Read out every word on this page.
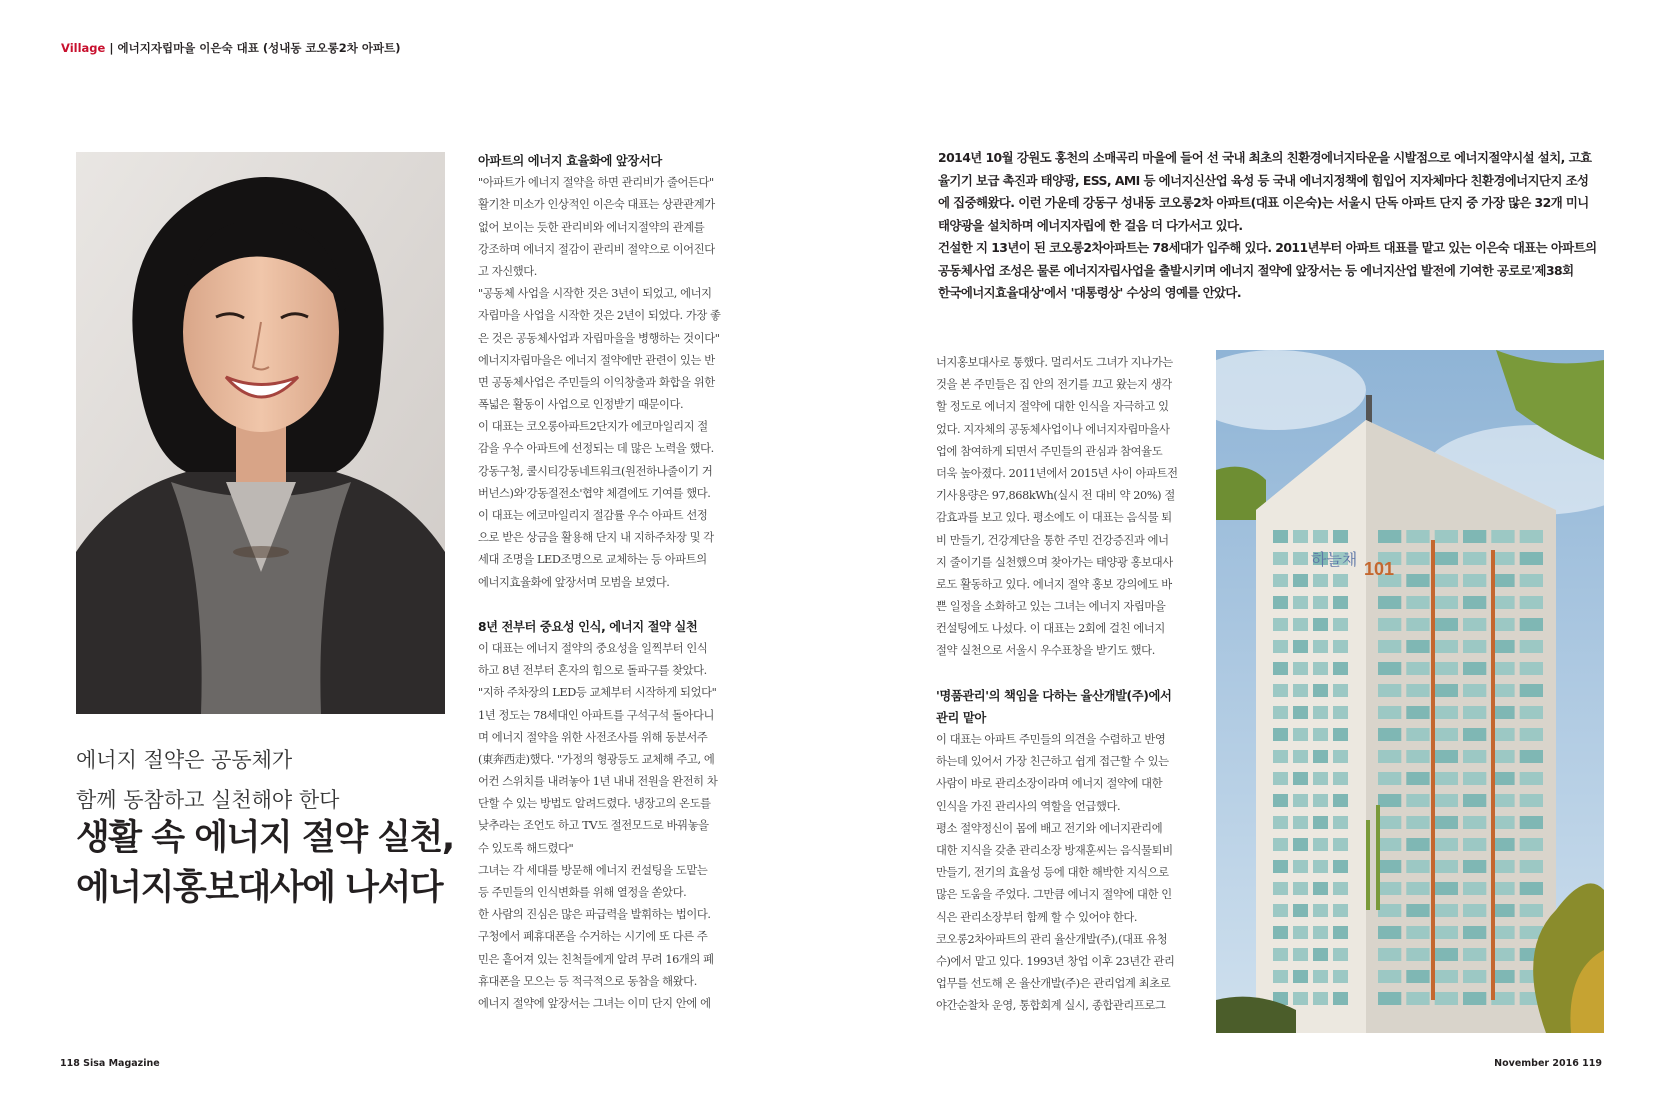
Village | 에너지자립마을 이은숙 대표 (성내동 코오롱2차 아파트)
에너지 절약은 공동체가
함께 동참하고 실천해야 한다
생활 속 에너지 절약 실천,
에너지홍보대사에 나서다
아파트의 에너지 효율화에 앞장서다

"아파트가 에너지 절약을 하면 관리비가 줄어든다"

활기찬 미소가 인상적인 이은숙 대표는 상관관계가

없어 보이는 듯한 관리비와 에너지절약의 관계를

강조하며 에너지 절감이 관리비 절약으로 이어진다

고 자신했다.

"공동체 사업을 시작한 것은 3년이 되었고, 에너지

자립마을 사업을 시작한 것은 2년이 되었다. 가장 좋

은 것은 공동체사업과 자립마을을 병행하는 것이다"

에너지자립마을은 에너지 절약에만 관련이 있는 반

면 공동체사업은 주민들의 이익창출과 화합을 위한

폭넓은 활동이 사업으로 인정받기 때문이다.

이 대표는 코오롱아파트2단지가 에코마일리지 절

감을 우수 아파트에 선정되는 데 많은 노력을 했다.

강동구청, 쿨시티강동네트워크(원전하나줄이기 거

버넌스)와'강동절전소'협약 체결에도 기여를 했다.

이 대표는 에코마일리지 절감률 우수 아파트 선정

으로 받은 상금을 활용해 단지 내 지하주차장 및 각

세대 조명을 LED조명으로 교체하는 등 아파트의

에너지효율화에 앞장서며 모범을 보였다.

8년 전부터 중요성 인식, 에너지 절약 실천

이 대표는 에너지 절약의 중요성을 일찍부터 인식

하고 8년 전부터 혼자의 힘으로 돌파구를 찾았다.

"지하 주차장의 LED등 교체부터 시작하게 되었다"

1년 정도는 78세대인 아파트를 구석구석 돌아다니

며 에너지 절약을 위한 사전조사를 위해 동분서주

(東奔西走)했다. "가정의 형광등도 교체해 주고, 에

어컨 스위치를 내려놓아 1년 내내 전원을 완전히 차

단할 수 있는 방법도 알려드렸다. 냉장고의 온도를

낮추라는 조언도 하고 TV도 절전모드로 바꿔놓을

수 있도록 해드렸다"

그녀는 각 세대를 방문해 에너지 컨설팅을 도맡는

등 주민들의 인식변화를 위해 열정을 쏟았다.

한 사람의 진심은 많은 파급력을 발휘하는 법이다.

구청에서 폐휴대폰을 수거하는 시기에 또 다른 주

민은 흩어져 있는 친척들에게 알려 무려 16개의 폐

휴대폰을 모으는 등 적극적으로 동참을 해왔다.

에너지 절약에 앞장서는 그녀는 이미 단지 안에 에

2014년 10월 강원도 홍천의 소매곡리 마을에 들어 선 국내 최초의 친환경에너지타운을 시발점으로 에너지절약시설 설치, 고효

율기기 보급 촉진과 태양광, ESS, AMI 등 에너지신산업 육성 등 국내 에너지정책에 힘입어 지자체마다 친환경에너지단지 조성

에 집중해왔다. 이런 가운데 강동구 성내동 코오롱2차 아파트(대표 이은숙)는 서울시 단독 아파트 단지 중 가장 많은 32개 미니

태양광을 설치하며 에너지자립에 한 걸음 더 다가서고 있다.

건설한 지 13년이 된 코오롱2차아파트는 78세대가 입주해 있다. 2011년부터 아파트 대표를 맡고 있는 이은숙 대표는 아파트의

공동체사업 조성은 물론 에너지자립사업을 출발시키며 에너지 절약에 앞장서는 등 에너지산업 발전에 기여한 공로로'제38회

한국에너지효율대상'에서 '대통령상' 수상의 영예를 안았다.

너지홍보대사로 통했다. 멀리서도 그녀가 지나가는

것을 본 주민들은 집 안의 전기를 끄고 왔는지 생각

할 정도로 에너지 절약에 대한 인식을 자극하고 있

었다. 지자체의 공동체사업이나 에너지자립마을사

업에 참여하게 되면서 주민들의 관심과 참여율도

더욱 높아졌다. 2011년에서 2015년 사이 아파트전

기사용량은 97,868kWh(실시 전 대비 약 20%) 절

감효과를 보고 있다. 평소에도 이 대표는 음식물 퇴

비 만들기, 건강계단을 통한 주민 건강증진과 에너

지 줄이기를 실천했으며 찾아가는 태양광 홍보대사

로도 활동하고 있다. 에너지 절약 홍보 강의에도 바

쁜 일정을 소화하고 있는 그녀는 에너지 자립마을

컨설팅에도 나섰다. 이 대표는 2회에 걸친 에너지

절약 실천으로 서울시 우수표창을 받기도 했다.

'명품관리'의 책임을 다하는 율산개발(주)에서
관리 맡아

이 대표는 아파트 주민들의 의견을 수렴하고 반영

하는데 있어서 가장 친근하고 쉽게 접근할 수 있는

사람이 바로 관리소장이라며 에너지 절약에 대한

인식을 가진 관리사의 역할을 언급했다.

평소 절약정신이 몸에 배고 전기와 에너지관리에

대한 지식을 갖춘 관리소장 방재훈씨는 음식물퇴비

만들기, 전기의 효율성 등에 대한 해박한 지식으로

많은 도움을 주었다. 그만큼 에너지 절약에 대한 인

식은 관리소장부터 함께 할 수 있어야 한다.

코오롱2차아파트의 관리 율산개발(주),(대표 유청

수)에서 맡고 있다. 1993년 창업 이후 23년간 관리

업무를 선도해 온 율산개발(주)은 관리업계 최초로

야간순찰차 운영, 통합회계 실시, 종합관리프로그

하늘채 101
118 Sisa Magazine	November 2016 119
